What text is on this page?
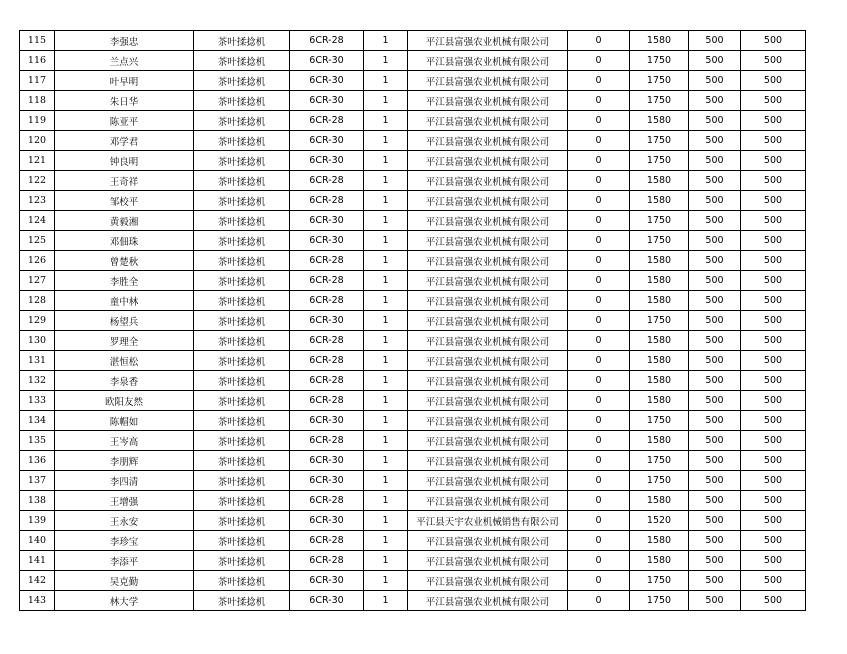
115	李强忠	茶叶揉捻机	6CR-28	1	平江县富强农业机械有限公司	0	1580	500	500
116	兰点兴	茶叶揉捻机	6CR-30	1	平江县富强农业机械有限公司	0	1750	500	500
117	叶早明	茶叶揉捻机	6CR-30	1	平江县富强农业机械有限公司	0	1750	500	500
118	朱日华	茶叶揉捻机	6CR-30	1	平江县富强农业机械有限公司	0	1750	500	500
119	陈亚平	茶叶揉捻机	6CR-28	1	平江县富强农业机械有限公司	0	1580	500	500
120	邓学君	茶叶揉捻机	6CR-30	1	平江县富强农业机械有限公司	0	1750	500	500
121	钟良明	茶叶揉捻机	6CR-30	1	平江县富强农业机械有限公司	0	1750	500	500
122	王奇祥	茶叶揉捻机	6CR-28	1	平江县富强农业机械有限公司	0	1580	500	500
123	邹校平	茶叶揉捻机	6CR-28	1	平江县富强农业机械有限公司	0	1580	500	500
124	黄毅湘	茶叶揉捻机	6CR-30	1	平江县富强农业机械有限公司	0	1750	500	500
125	邓佃珠	茶叶揉捻机	6CR-30	1	平江县富强农业机械有限公司	0	1750	500	500
126	曾楚秋	茶叶揉捻机	6CR-28	1	平江县富强农业机械有限公司	0	1580	500	500
127	李胜全	茶叶揉捻机	6CR-28	1	平江县富强农业机械有限公司	0	1580	500	500
128	童中林	茶叶揉捻机	6CR-28	1	平江县富强农业机械有限公司	0	1580	500	500
129	杨望兵	茶叶揉捻机	6CR-30	1	平江县富强农业机械有限公司	0	1750	500	500
130	罗理全	茶叶揉捻机	6CR-28	1	平江县富强农业机械有限公司	0	1580	500	500
131	湛恒松	茶叶揉捻机	6CR-28	1	平江县富强农业机械有限公司	0	1580	500	500
132	李泉香	茶叶揉捻机	6CR-28	1	平江县富强农业机械有限公司	0	1580	500	500
133	欧阳友然	茶叶揉捻机	6CR-28	1	平江县富强农业机械有限公司	0	1580	500	500
134	陈帽如	茶叶揉捻机	6CR-30	1	平江县富强农业机械有限公司	0	1750	500	500
135	王岑高	茶叶揉捻机	6CR-28	1	平江县富强农业机械有限公司	0	1580	500	500
136	李朋辉	茶叶揉捻机	6CR-30	1	平江县富强农业机械有限公司	0	1750	500	500
137	李四清	茶叶揉捻机	6CR-30	1	平江县富强农业机械有限公司	0	1750	500	500
138	王增强	茶叶揉捻机	6CR-28	1	平江县富强农业机械有限公司	0	1580	500	500
139	王永安	茶叶揉捻机	6CR-30	1	平江县天宇农业机械销售有限公司	0	1520	500	500
140	李珍宝	茶叶揉捻机	6CR-28	1	平江县富强农业机械有限公司	0	1580	500	500
141	李添平	茶叶揉捻机	6CR-28	1	平江县富强农业机械有限公司	0	1580	500	500
142	吴克勤	茶叶揉捻机	6CR-30	1	平江县富强农业机械有限公司	0	1750	500	500
143	林大学	茶叶揉捻机	6CR-30	1	平江县富强农业机械有限公司	0	1750	500	500
